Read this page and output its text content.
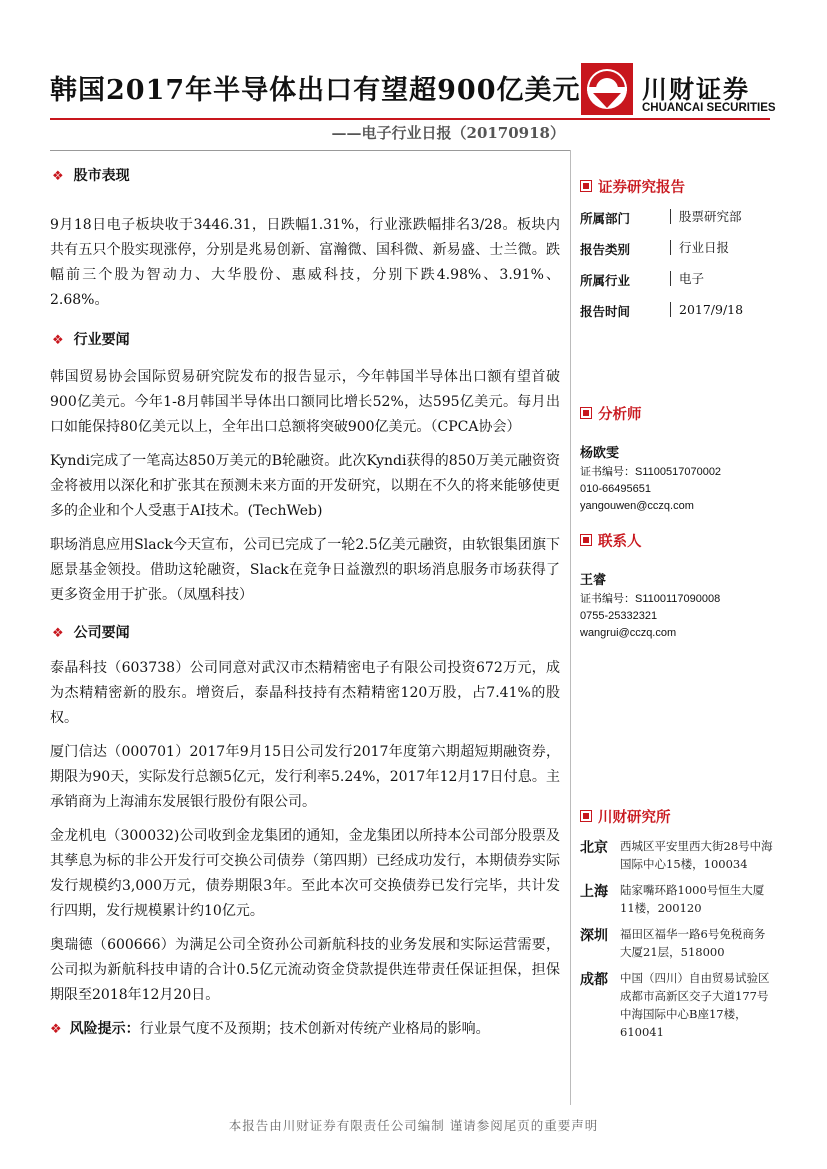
韩国2017年半导体出口有望超900亿美元 川财证券
CHUANCAI SECURITIES
——电子行业日报（20170918）
❖ 股市表现

9月18日电子板块收于3446.31，日跌幅1.31%，行业涨跌幅排名3/28。板块内共有五只个股实现涨停，分别是兆易创新、富瀚微、国科微、新易盛、士兰微。跌幅前三个股为智动力、大华股份、惠威科技，分别下跌4.98%、3.91%、2.68%。

❖ 行业要闻

韩国贸易协会国际贸易研究院发布的报告显示，今年韩国半导体出口额有望首破900亿美元。今年1-8月韩国半导体出口额同比增长52%，达595亿美元。每月出口如能保持80亿美元以上，全年出口总额将突破900亿美元。（CPCA协会）

Kyndi完成了一笔高达850万美元的B轮融资。此次Kyndi获得的850万美元融资资金将被用以深化和扩张其在预测未来方面的开发研究，以期在不久的将来能够使更多的企业和个人受惠于AI技术。(TechWeb)

职场消息应用Slack今天宣布，公司已完成了一轮2.5亿美元融资，由软银集团旗下愿景基金领投。借助这轮融资，Slack在竞争日益激烈的职场消息服务市场获得了更多资金用于扩张。（凤凰科技）

❖ 公司要闻

泰晶科技（603738）公司同意对武汉市杰精精密电子有限公司投资672万元，成为杰精精密新的股东。增资后，泰晶科技持有杰精精密120万股，占7.41%的股权。

厦门信达（000701）2017年9月15日公司发行2017年度第六期超短期融资券，期限为90天，实际发行总额5亿元，发行利率5.24%，2017年12月17日付息。主承销商为上海浦东发展银行股份有限公司。

金龙机电（300032)公司收到金龙集团的通知，金龙集团以所持本公司部分股票及其孳息为标的非公开发行可交换公司债券（第四期）已经成功发行，本期债券实际发行规模约3,000万元，债券期限3年。至此本次可交换债券已发行完毕，共计发行四期，发行规模累计约10亿元。

奥瑞德（600666）为满足公司全资孙公司新航科技的业务发展和实际运营需要，公司拟为新航科技申请的合计0.5亿元流动资金贷款提供连带责任保证担保，担保期限至2018年12月20日。

❖ 风险提示：行业景气度不及预期；技术创新对传统产业格局的影响。
证券研究报告
所属部门	股票研究部
报告类别	行业日报
所属行业	电子
报告时间	2017/9/18
分析师
杨欧雯
证书编号：S1100517070002
010-66495651
yangouwen@cczq.com
联系人
王睿
证书编号：S1100117090008
0755-25332321
wangrui@cczq.com
川财研究所
北京	西城区平安里西大街28号中海国际中心15楼，100034
上海	陆家嘴环路1000号恒生大厦11楼，200120
深圳	福田区福华一路6号免税商务大厦21层，518000
成都	中国（四川）自由贸易试验区成都市高新区交子大道177号中海国际中心B座17楼，610041
本报告由川财证券有限责任公司编制 谨请参阅尾页的重要声明
